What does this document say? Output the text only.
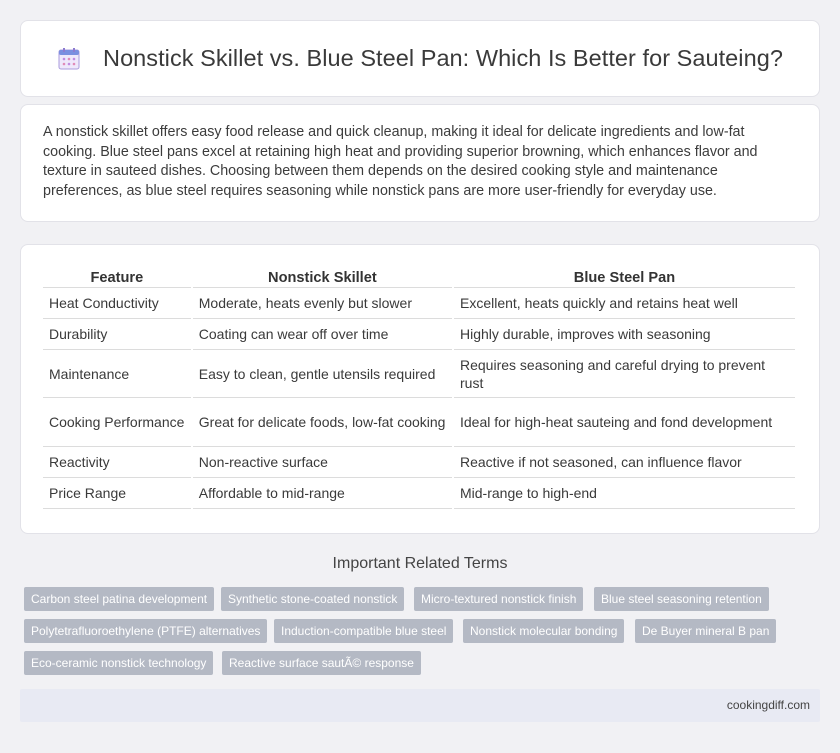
Nonstick Skillet vs. Blue Steel Pan: Which Is Better for Sauteing?

A nonstick skillet offers easy food release and quick cleanup, making it ideal for delicate ingredients and low-fat cooking. Blue steel pans excel at retaining high heat and providing superior browning, which enhances flavor and texture in sauteed dishes. Choosing between them depends on the desired cooking style and maintenance preferences, as blue steel requires seasoning while nonstick pans are more user-friendly for everyday use.

Feature	Nonstick Skillet	Blue Steel Pan
Heat Conductivity	Moderate, heats evenly but slower	Excellent, heats quickly and retains heat well
Durability	Coating can wear off over time	Highly durable, improves with seasoning
Maintenance	Easy to clean, gentle utensils required	Requires seasoning and careful drying to prevent rust
Cooking Performance	Great for delicate foods, low-fat cooking	Ideal for high-heat sauteing and fond development
Reactivity	Non-reactive surface	Reactive if not seasoned, can influence flavor
Price Range	Affordable to mid-range	Mid-range to high-end
Important Related Terms
Carbon steel patina development	Synthetic stone-coated nonstick	Micro-textured nonstick finish	Blue steel seasoning retention
Polytetrafluoroethylene (PTFE) alternatives	Induction-compatible blue steel	Nonstick molecular bonding	De Buyer mineral B pan
Eco-ceramic nonstick technology	Reactive surface sautÃ© response
cookingdiff.com
